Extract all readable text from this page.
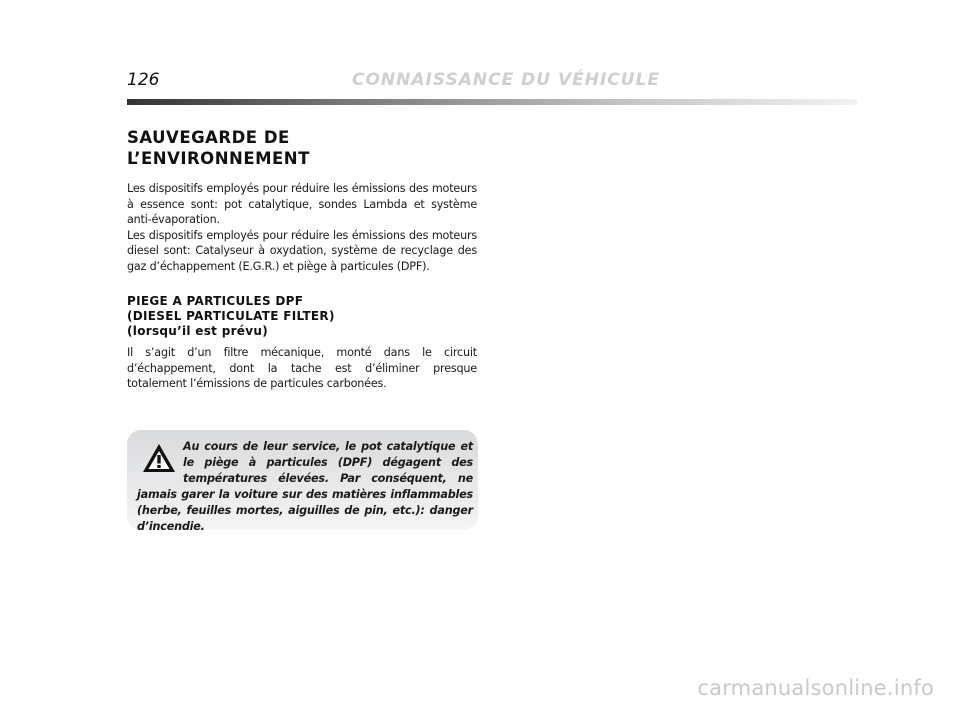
126	CONNAISSANCE DU VÉHICULE
SAUVEGARDE DE
L’ENVIRONNEMENT

Les dispositifs employés pour réduire les émissions des moteurs à essence sont: pot catalytique, sondes Lambda et système anti-évaporation.

Les dispositifs employés pour réduire les émissions des moteurs diesel sont: Catalyseur à oxydation, système de recyclage des gaz d’échappement (E.G.R.) et piège à particules (DPF).

PIEGE A PARTICULES DPF
(DIESEL PARTICULATE FILTER)
(lorsqu’il est prévu)

Il s’agit d’un filtre mécanique, monté dans le circuit d’échappement, dont la tache est d’éliminer presque totalement l’émissions de particules carbonées.

Au cours de leur service, le pot catalytique et le piège à particules (DPF) dégagent des températures élevées. Par conséquent, ne jamais garer la voiture sur des matières inflammables (herbe, feuilles mortes, aiguilles de pin, etc.): danger d’incendie.
carmanualsonline.info
